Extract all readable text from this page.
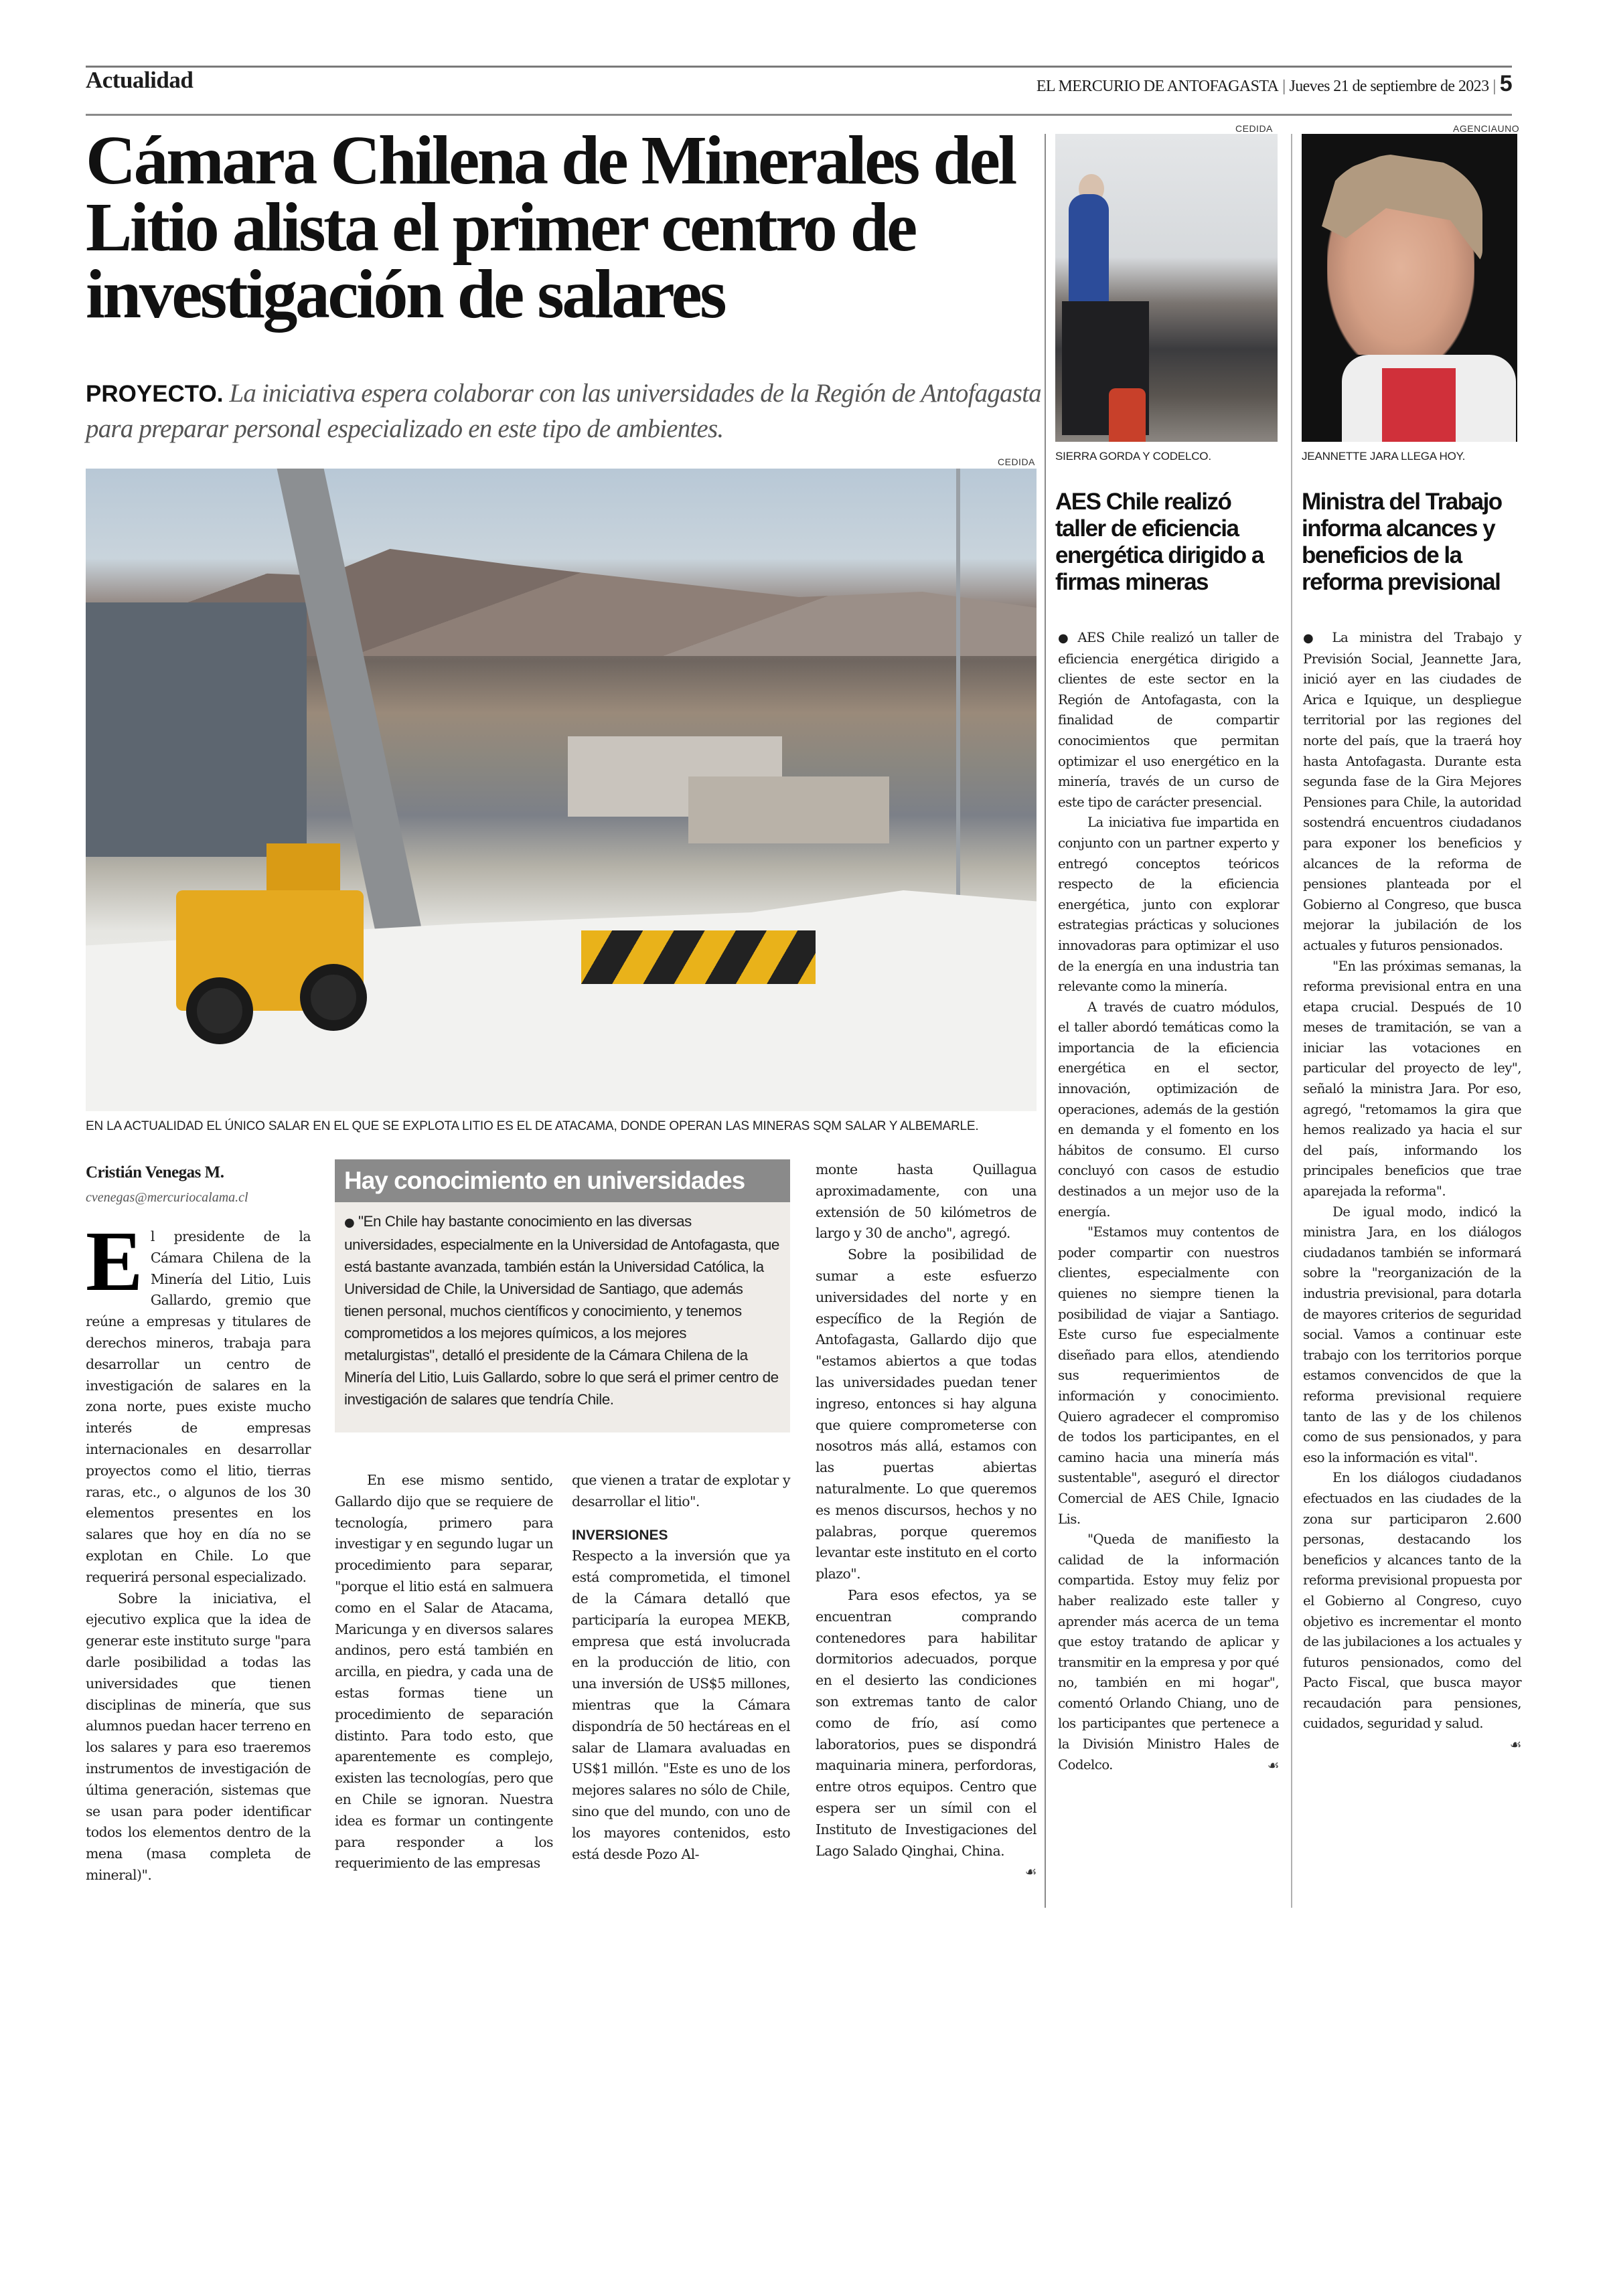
Actualidad	EL MERCURIO DE ANTOFAGASTA | Jueves 21 de septiembre de 2023 | 5
Cámara Chilena de Minerales del Litio alista el primer centro de investigación de salares
PROYECTO. La iniciativa espera colaborar con las universidades de la Región de Antofagasta para preparar personal especializado en este tipo de ambientes.
CEDIDA
EN LA ACTUALIDAD EL ÚNICO SALAR EN EL QUE SE EXPLOTA LITIO ES EL DE ATACAMA, DONDE OPERAN LAS MINERAS SQM SALAR Y ALBEMARLE.
Cristián Venegas M.
cvenegas@mercuriocalama.cl

El presidente de la Cámara Chilena de la Minería del Litio, Luis Gallardo, gremio que reúne a empresas y titulares de derechos mineros, trabaja para desarrollar un centro de investigación de salares en la zona norte, pues existe mucho interés de empresas internacionales en desarrollar proyectos como el litio, tierras raras, etc., o algunos de los 30 elementos presentes en los salares que hoy en día no se explotan en Chile. Lo que requerirá personal especializado.

Sobre la iniciativa, el ejecutivo explica que la idea de generar este instituto surge "para darle posibilidad a todas las universidades que tienen disciplinas de minería, que sus alumnos puedan hacer terreno en los salares y para eso traeremos instrumentos de investigación de última generación, sistemas que se usan para poder identificar todos los elementos dentro de la mena (masa completa de mineral)".

Hay conocimiento en universidades
● "En Chile hay bastante conocimiento en las diversas universidades, especialmente en la Universidad de Antofagasta, que está bastante avanzada, también están la Universidad Católica, la Universidad de Chile, la Universidad de Santiago, que además tienen personal, muchos científicos y conocimiento, y tenemos comprometidos a los mejores químicos, a los mejores metalurgistas", detalló el presidente de la Cámara Chilena de la Minería del Litio, Luis Gallardo, sobre lo que será el primer centro de investigación de salares que tendría Chile.

En ese mismo sentido, Gallardo dijo que se requiere de tecnología, primero para investigar y en segundo lugar un procedimiento para separar, "porque el litio está en salmuera como en el Salar de Atacama, Maricunga y en diversos salares andinos, pero está también en arcilla, en piedra, y cada una de estas formas tiene un procedimiento de separación distinto. Para todo esto, que aparentemente es complejo, existen las tecnologías, pero que en Chile se ignoran. Nuestra idea es formar un contingente para responder a los requerimiento de las empresas

que vienen a tratar de explotar y desarrollar el litio".

INVERSIONES

Respecto a la inversión que ya está comprometida, el timonel de la Cámara detalló que participaría la europea MEKB, empresa que está involucrada en la producción de litio, con una inversión de US$5 millones, mientras que la Cámara dispondría de 50 hectáreas en el salar de Llamara avaluadas en US$1 millón. "Este es uno de los mejores salares no sólo de Chile, sino que del mundo, con uno de los mayores contenidos, esto está desde Pozo Al-

monte hasta Quillagua aproximadamente, con una extensión de 50 kilómetros de largo y 30 de ancho", agregó.

Sobre la posibilidad de sumar a este esfuerzo universidades del norte y en específico de la Región de Antofagasta, Gallardo dijo que "estamos abiertos a que todas las universidades puedan tener ingreso, entonces si hay alguna que quiere comprometerse con nosotros más allá, estamos con las puertas abiertas naturalmente. Lo que queremos es menos discursos, hechos y no palabras, porque queremos levantar este instituto en el corto plazo".

Para esos efectos, ya se encuentran comprando contenedores para habilitar dormitorios adecuados, porque en el desierto las condiciones son extremas tanto de calor como de frío, así como laboratorios, pues se dispondrá maquinaria minera, perfordoras, entre otros equipos. Centro que espera ser un símil con el Instituto de Investigaciones del Lago Salado Qinghai, China.
☙

CEDIDA
SIERRA GORDA Y CODELCO.
AES Chile realizó taller de eficiencia energética dirigido a firmas mineras

● AES Chile realizó un taller de eficiencia energética dirigido a clientes de este sector en la Región de Antofagasta, con la finalidad de compartir conocimientos que permitan optimizar el uso energético en la minería, través de un curso de este tipo de carácter presencial.

La iniciativa fue impartida en conjunto con un partner experto y entregó conceptos teóricos respecto de la eficiencia energética, junto con explorar estrategias prácticas y soluciones innovadoras para optimizar el uso de la energía en una industria tan relevante como la minería.

A través de cuatro módulos, el taller abordó temáticas como la importancia de la eficiencia energética en el sector, innovación, optimización de operaciones, además de la gestión en demanda y el fomento en los hábitos de consumo. El curso concluyó con casos de estudio destinados a un mejor uso de la energía.

"Estamos muy contentos de poder compartir con nuestros clientes, especialmente con quienes no siempre tienen la posibilidad de viajar a Santiago. Este curso fue especialmente diseñado para ellos, atendiendo sus requerimientos de información y conocimiento. Quiero agradecer el compromiso de todos los participantes, en el camino hacia una minería más sustentable", aseguró el director Comercial de AES Chile, Ignacio Lis.

"Queda de manifiesto la calidad de la información compartida. Estoy muy feliz por haber realizado este taller y aprender más acerca de un tema que estoy tratando de aplicar y transmitir en la empresa y por qué no, también en mi hogar", comentó Orlando Chiang, uno de los participantes que pertenece a la División Ministro Hales de Codelco.	☙

AGENCIAUNO
JEANNETTE JARA LLEGA HOY.
Ministra del Trabajo informa alcances y beneficios de la reforma previsional

● La ministra del Trabajo y Previsión Social, Jeannette Jara, inició ayer en las ciudades de Arica e Iquique, un despliegue territorial por las regiones del norte del país, que la traerá hoy hasta Antofagasta. Durante esta segunda fase de la Gira Mejores Pensiones para Chile, la autoridad sostendrá encuentros ciudadanos para exponer los beneficios y alcances de la reforma de pensiones planteada por el Gobierno al Congreso, que busca mejorar la jubilación de los actuales y futuros pensionados.

"En las próximas semanas, la reforma previsional entra en una etapa crucial. Después de 10 meses de tramitación, se van a iniciar las votaciones en particular del proyecto de ley", señaló la ministra Jara. Por eso, agregó, "retomamos la gira que hemos realizado ya hacia el sur del país, informando los principales beneficios que trae aparejada la reforma".

De igual modo, indicó la ministra Jara, en los diálogos ciudadanos también se informará sobre la "reorganización de la industria previsional, para dotarla de mayores criterios de seguridad social. Vamos a continuar este trabajo con los territorios porque estamos convencidos de que la reforma previsional requiere tanto de las y de los chilenos como de sus pensionados, y para eso la información es vital".

En los diálogos ciudadanos efectuados en las ciudades de la zona sur participaron 2.600 personas, destacando los beneficios y alcances tanto de la reforma previsional propuesta por el Gobierno al Congreso, cuyo objetivo es incrementar el monto de las jubilaciones a los actuales y futuros pensionados, como del Pacto Fiscal, que busca mayor recaudación para pensiones, cuidados, seguridad y salud.
☙
